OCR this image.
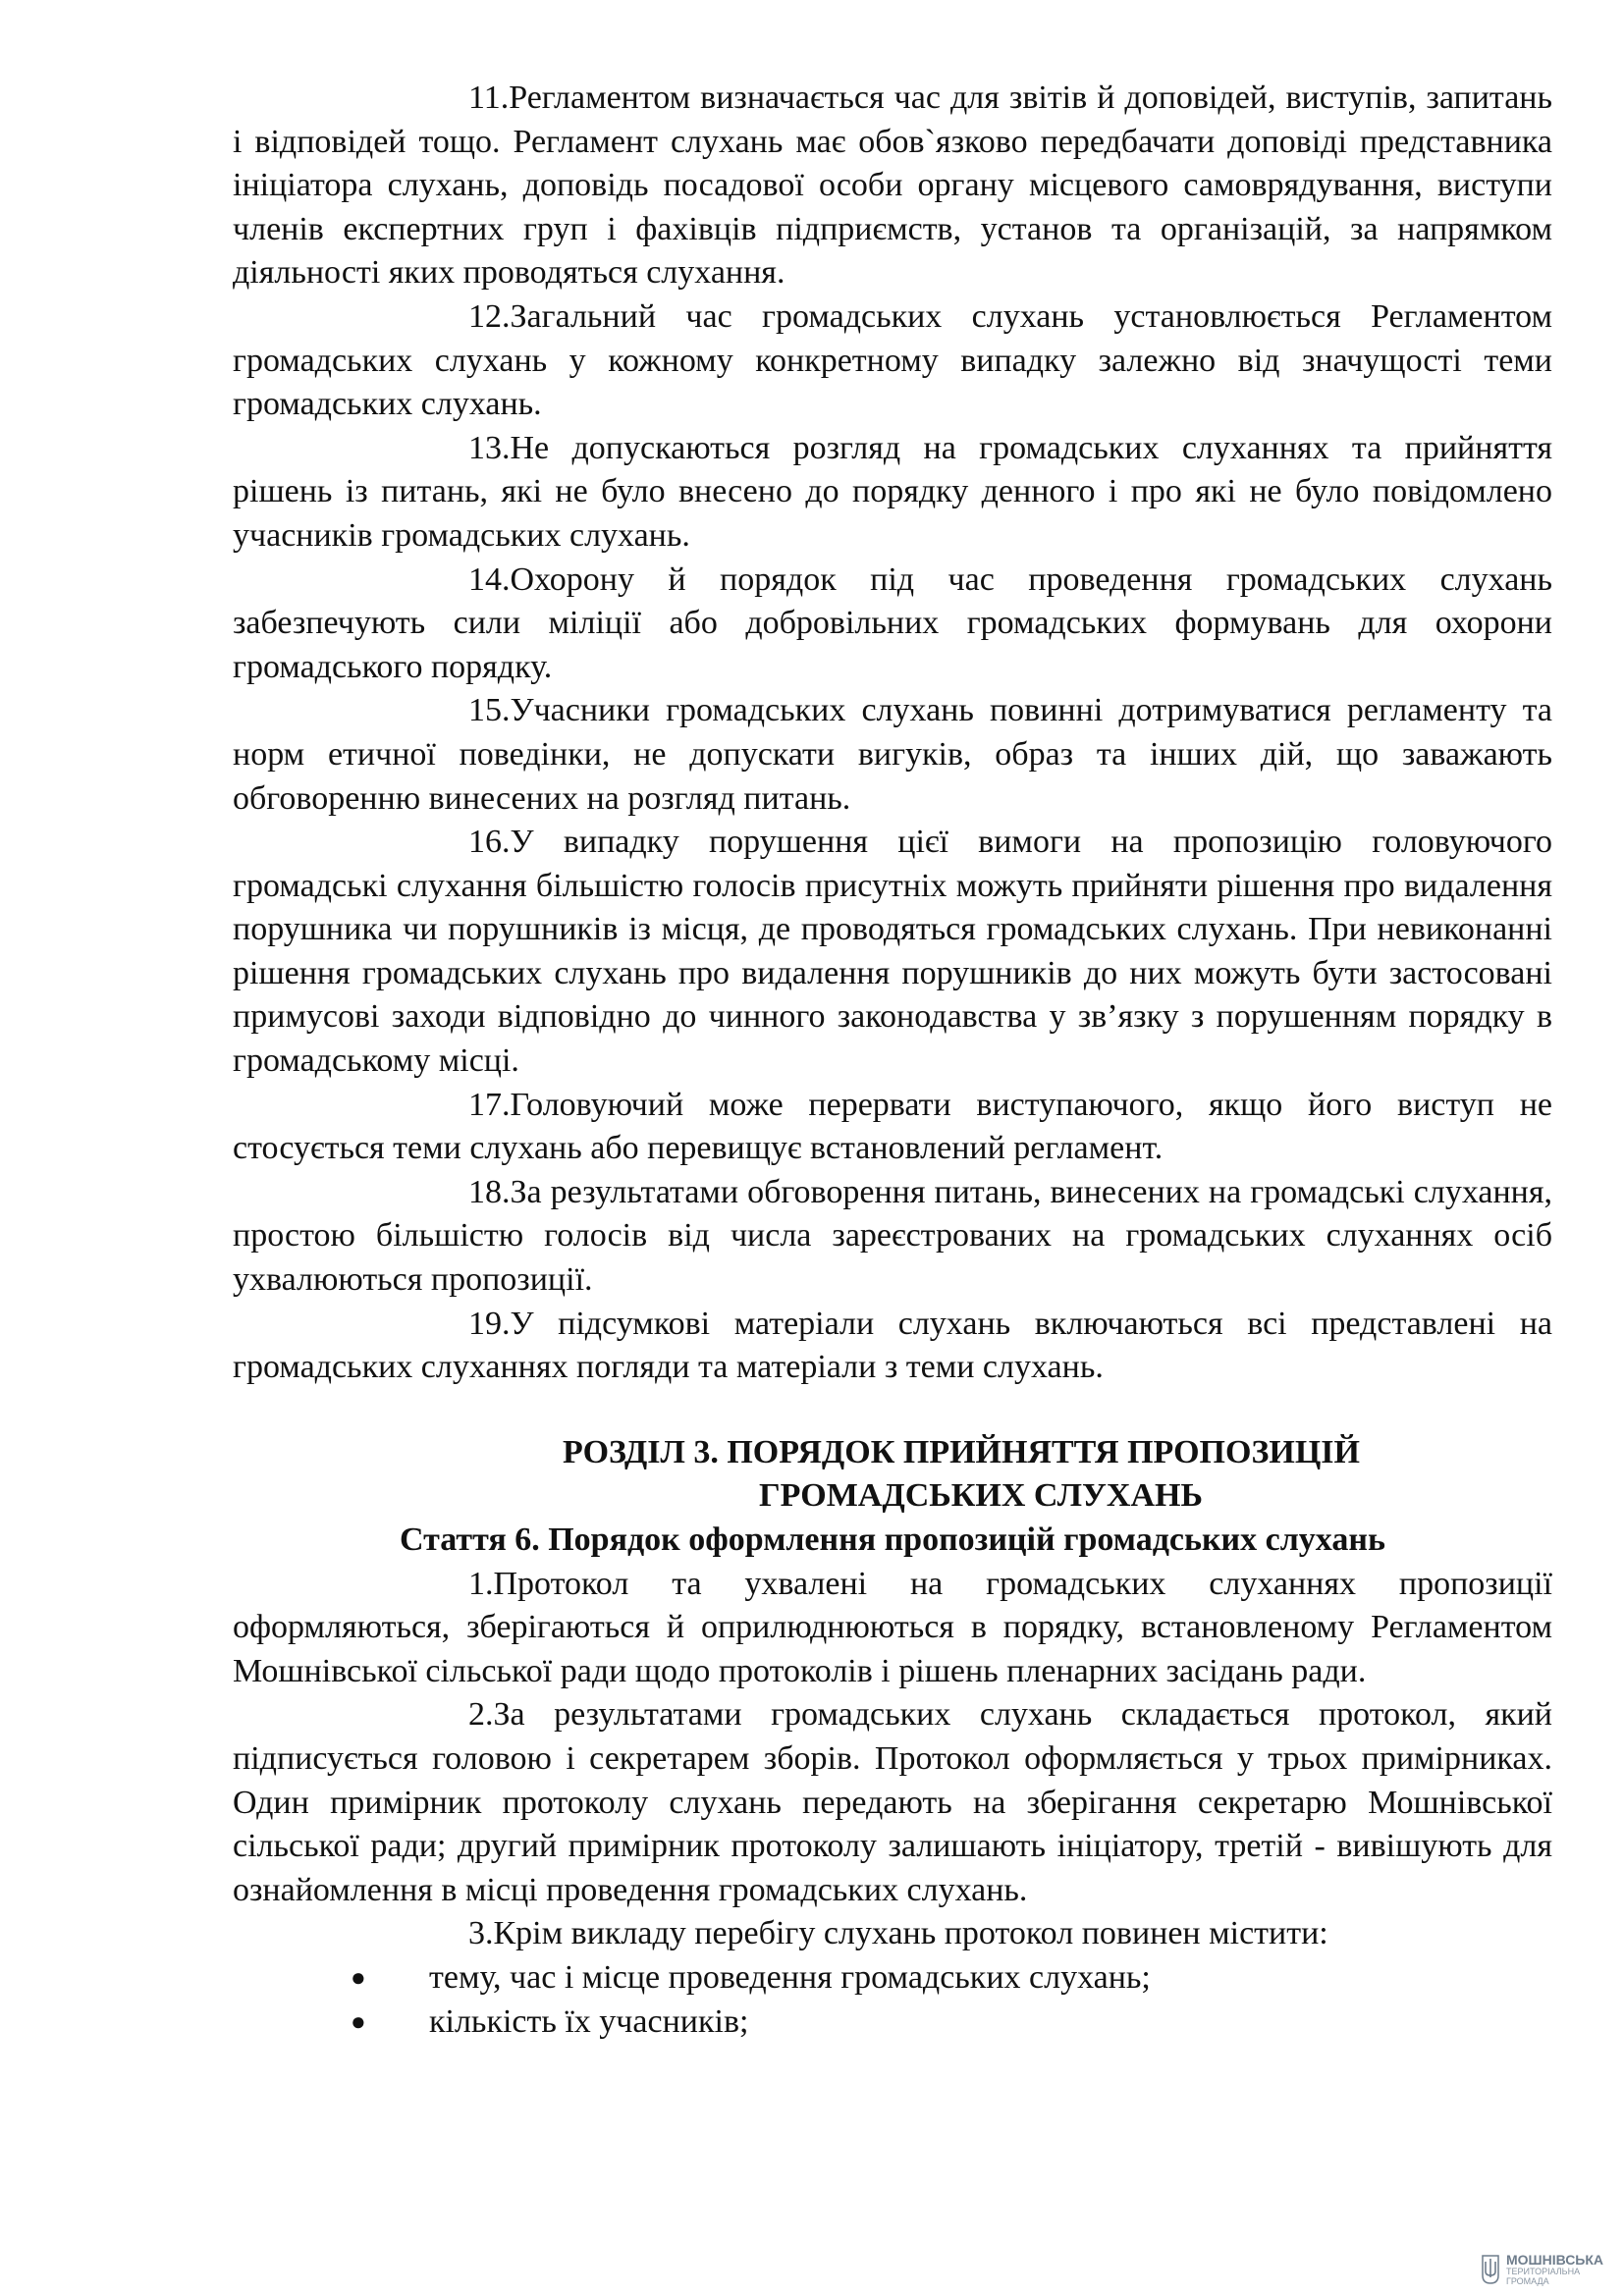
11.Регламентом визначається час для звітів й доповідей, виступів, запитань і відповідей тощо. Регламент слухань має обов`язково передбачати доповіді представника ініціатора слухань, доповідь посадової особи органу місцевого самоврядування, виступи членів експертних груп і фахівців підприємств, установ та організацій, за напрямком діяльності яких проводяться слухання.

12.Загальний час громадських слухань установлюється Регламентом громадських слухань у кожному конкретному випадку залежно від значущості теми громадських слухань.

13.Не допускаються розгляд на громадських слуханнях та прийняття рішень із питань, які не було внесено до порядку денного і про які не було повідомлено учасників громадських слухань.

14.Охорону й порядок під час проведення громадських слухань забезпечують сили міліції або добровільних громадських формувань для охорони громадського порядку.

15.Учасники громадських слухань повинні дотримуватися регламенту та норм етичної поведінки, не допускати вигуків, образ та інших дій, що заважають обговоренню винесених на розгляд питань.

16.У випадку порушення цієї вимоги на пропозицію головуючого громадські слухання більшістю голосів присутніх можуть прийняти рішення про видалення порушника чи порушників із місця, де проводяться громадських слухань. При невиконанні рішення громадських слухань про видалення порушників до них можуть бути застосовані примусові заходи відповідно до чинного законодавства у зв’язку з порушенням порядку в громадському місці.

17.Головуючий може перервати виступаючого, якщо його виступ не стосується теми слухань або перевищує встановлений регламент.

18.За результатами обговорення питань, винесених на громадські слухання, простою більшістю голосів від числа зареєстрованих на громадських слуханнях осіб ухвалюються пропозиції.

19.У підсумкові матеріали слухань включаються всі представлені на громадських слуханнях погляди та матеріали з теми слухань.

РОЗДІЛ 3. ПОРЯДОК ПРИЙНЯТТЯ ПРОПОЗИЦІЙ

ГРОМАДСЬКИХ СЛУХАНЬ

Стаття 6. Порядок оформлення пропозицій громадських слухань

1.Протокол та ухвалені на громадських слуханнях пропозиції оформляються, зберігаються й оприлюднюються в порядку, встановленому Регламентом Мошнівської сільської ради щодо протоколів і рішень пленарних засідань ради.

2.За результатами громадських слухань складається протокол, який підписується головою і секретарем зборів. Протокол оформляється у трьох примірниках. Один примірник протоколу слухань передають на зберігання секретарю Мошнівської сільської ради; другий примірник протоколу залишають ініціатору, третій - вивішують для ознайомлення в місці проведення громадських слухань.

3.Крім викладу перебігу слухань протокол повинен містити:

● тему, час і місце проведення громадських слухань;
● кількість їх учасників;
МОШНІВСЬКА
ТЕРИТОРІАЛЬНА
ГРОМАДА
